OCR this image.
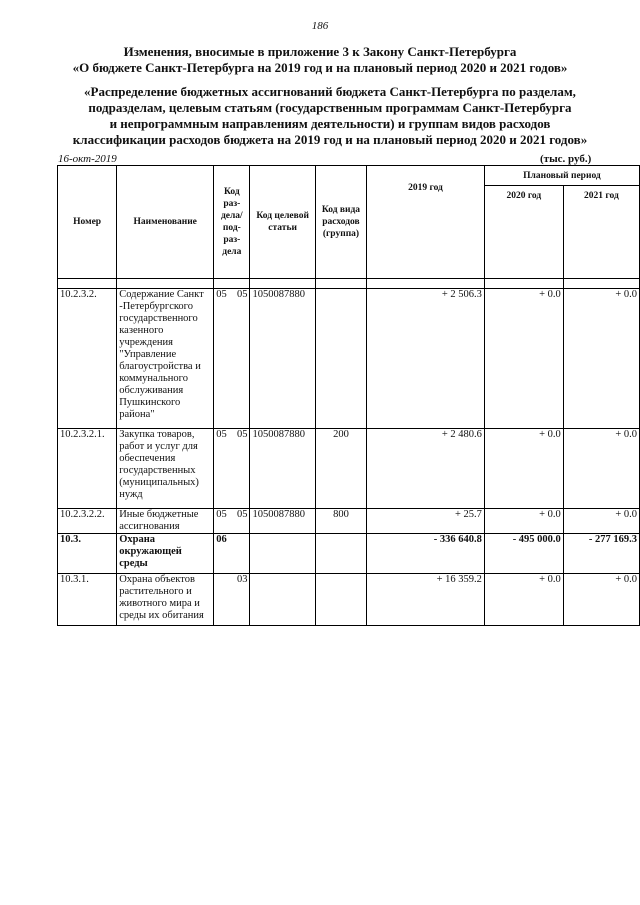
186
Изменения, вносимые в приложение 3 к Закону Санкт-Петербурга
«О бюджете Санкт-Петербурга на 2019 год и на плановый период 2020 и 2021 годов»
«Распределение бюджетных ассигнований бюджета Санкт-Петербурга по разделам,
подразделам, целевым статьям (государственным программам Санкт-Петербурга
и непрограммным направлениям деятельности) и группам видов расходов
классификации расходов бюджета на 2019 год и на плановый период 2020 и 2021 годов»
16-окт-2019	(тыс. руб.)
Номер	Наименование	Код раз-дела/ под-раз-дела	Код целевой статьи	Код вида расходов (группа)	2019 год	Плановый период	
						2020 год	2021 год

10.2.3.2.	Содержание Санкт -Петербургского государственного казенного учреждения "Управление благоустройства и коммунального обслуживания Пушкинского района"	05 05	1050087880		+ 2 506.3	+ 0.0	+ 0.0
10.2.3.2.1.	Закупка товаров, работ и услуг для обеспечения государственных (муниципальных) нужд	05 05	1050087880	200	+ 2 480.6	+ 0.0	+ 0.0
10.2.3.2.2.	Иные бюджетные ассигнования	05 05	1050087880	800	+ 25.7	+ 0.0	+ 0.0
10.3.	Охрана окружающей среды	06			- 336 640.8	- 495 000.0	- 277 169.3
10.3.1.	Охрана объектов растительного и животного мира и среды их обитания	03			+ 16 359.2	+ 0.0	+ 0.0
